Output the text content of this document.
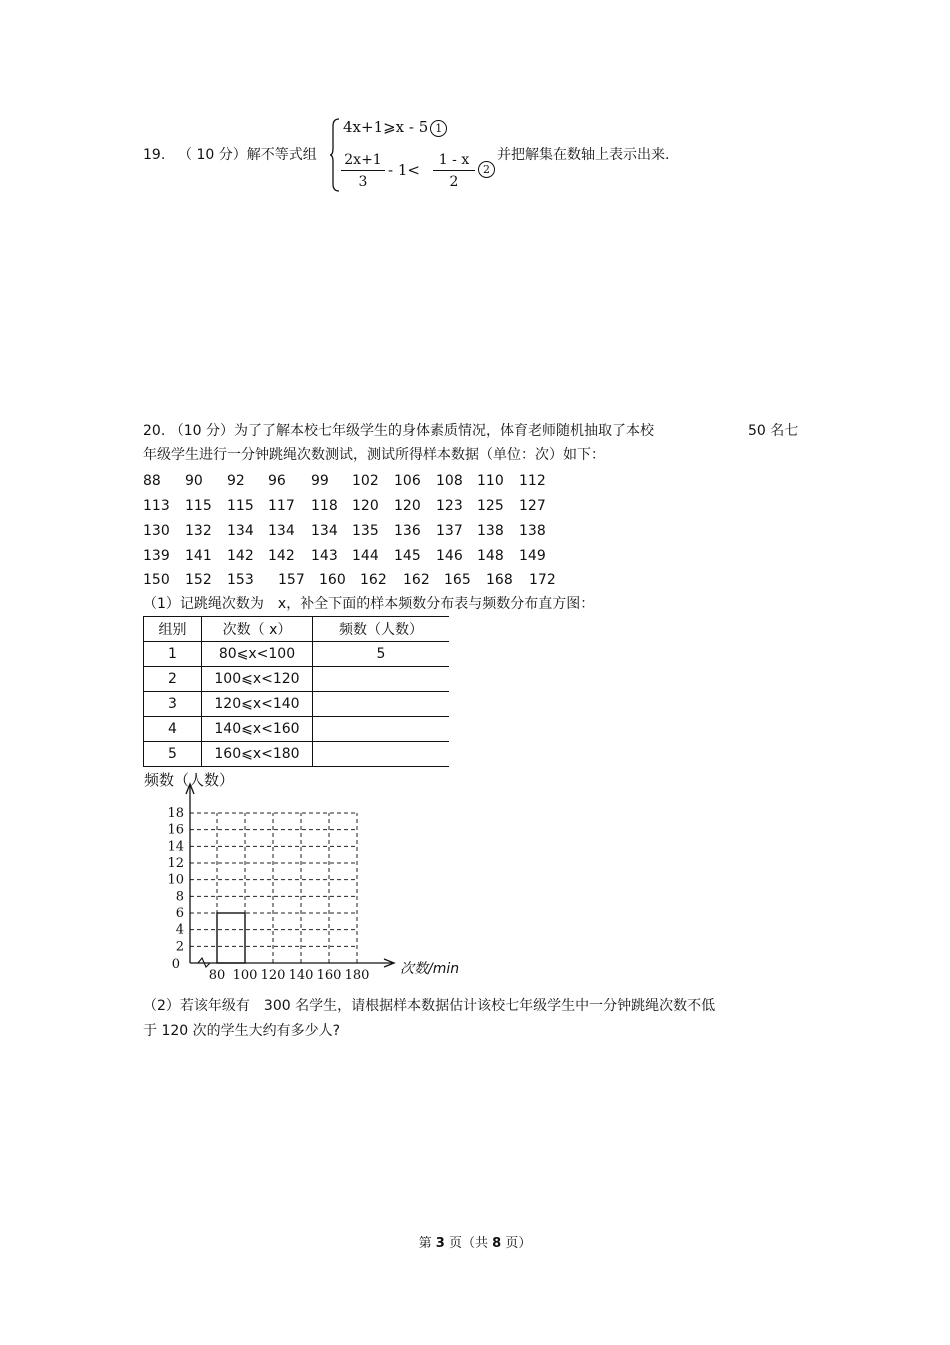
19. （ 10 分）解不等式组
4x+1⩾x - 5 1
2x+1
3
- 1<
1 - x
2
2
并把解集在数轴上表示出来.
20. （10 分）为了了解本校七年级学生的身体素质情况，体育老师随机抽取了本校	50 名七
年级学生进行一分钟跳绳次数测试，测试所得样本数据（单位：次）如下：
88 90 92 96 99 102 106 108 110 112
113 115 115 117 118 120 120 123 125 127
130 132 134 134 134 135 136 137 138 138
139 141 142 142 143 144 145 146 148 149
150 152 153 157 160 162 162 165 168 172
（1）记跳绳次数为 x，补全下面的样本频数分布表与频数分布直方图：
组别	次数（ x）	频数（人数）
1	80⩽x<100	5
2	100⩽x<120	
3	120⩽x<140	
4	140⩽x<160	
5	160⩽x<180	
2
4
6
8
10
12
14
16
18
0
80 100 120 140 160 180
频数（人数）
次数/min
（2）若该年级有 300 名学生，请根据样本数据估计该校七年级学生中一分钟跳绳次数不低
于 120 次的学生大约有多少人?
第 3 页（共 8 页）
